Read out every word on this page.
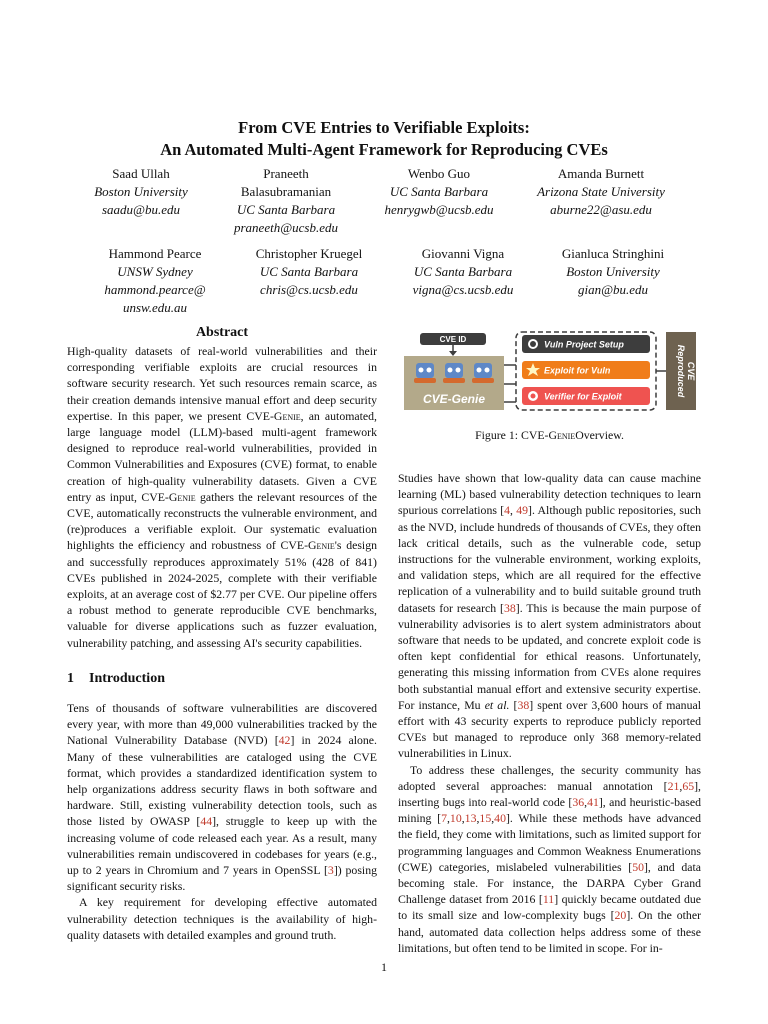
From CVE Entries to Verifiable Exploits:
An Automated Multi-Agent Framework for Reproducing CVEs
Saad Ullah
Boston University
saadu@bu.edu
Praneeth
Balasubramanian
UC Santa Barbara
praneeth@ucsb.edu
Wenbo Guo
UC Santa Barbara
henrygwb@ucsb.edu
Amanda Burnett
Arizona State University
aburne22@asu.edu
Hammond Pearce
UNSW Sydney
hammond.pearce@
unsw.edu.au
Christopher Kruegel
UC Santa Barbara
chris@cs.ucsb.edu
Giovanni Vigna
UC Santa Barbara
vigna@cs.ucsb.edu
Gianluca Stringhini
Boston University
gian@bu.edu
Abstract

High-quality datasets of real-world vulnerabilities and their corresponding verifiable exploits are crucial resources in software security research. Yet such resources remain scarce, as their creation demands intensive manual effort and deep security expertise. In this paper, we present CVE-Genie, an automated, large language model (LLM)-based multi-agent framework designed to reproduce real-world vulnerabilities, provided in Common Vulnerabilities and Exposures (CVE) format, to enable creation of high-quality vulnerability datasets. Given a CVE entry as input, CVE-Genie gathers the relevant resources of the CVE, automatically reconstructs the vulnerable environment, and (re)produces a verifiable exploit. Our systematic evaluation highlights the efficiency and robustness of CVE-Genie's design and successfully reproduces approximately 51% (428 of 841) CVEs published in 2024-2025, complete with their verifiable exploits, at an average cost of $2.77 per CVE. Our pipeline offers a robust method to generate reproducible CVE benchmarks, valuable for diverse applications such as fuzzer evaluation, vulnerability patching, and assessing AI's security capabilities.

1 Introduction

Tens of thousands of software vulnerabilities are discovered every year, with more than 49,000 vulnerabilities tracked by the National Vulnerability Database (NVD) [42] in 2024 alone. Many of these vulnerabilities are cataloged using the CVE format, which provides a standardized identification system to help organizations address security flaws in both software and hardware. Still, existing vulnerability detection tools, such as those listed by OWASP [44], struggle to keep up with the increasing volume of code released each year. As a result, many vulnerabilities remain undiscovered in codebases for years (e.g., up to 2 years in Chromium and 7 years in OpenSSL [3]) posing significant security risks.

A key requirement for developing effective automated vulnerability detection techniques is the availability of high-quality datasets with detailed examples and ground truth.

CVE ID
CVE-Genie
Vuln Project Setup
Exploit for Vuln
Verifier for Exploit	Reproduced CVE
Figure 1: CVE-GenieOverview.

Studies have shown that low-quality data can cause machine learning (ML) based vulnerability detection techniques to learn spurious correlations [4, 49]. Although public repositories, such as the NVD, include hundreds of thousands of CVEs, they often lack critical details, such as the vulnerable code, setup instructions for the vulnerable environment, working exploits, and validation steps, which are all required for the effective replication of a vulnerability and to build suitable ground truth datasets for research [38]. This is because the main purpose of vulnerability advisories is to alert system administrators about software that needs to be updated, and concrete exploit code is often kept confidential for ethical reasons. Unfortunately, generating this missing information from CVEs alone requires both substantial manual effort and extensive security expertise. For instance, Mu et al. [38] spent over 3,600 hours of manual effort with 43 security experts to reproduce publicly reported CVEs but managed to reproduce only 368 memory-related vulnerabilities in Linux.

To address these challenges, the security community has adopted several approaches: manual annotation [21,65], inserting bugs into real-world code [36,41], and heuristic-based mining [7,10,13,15,40]. While these methods have advanced the field, they come with limitations, such as limited support for programming languages and Common Weakness Enumerations (CWE) categories, mislabeled vulnerabilities [50], and data becoming stale. For instance, the DARPA Cyber Grand Challenge dataset from 2016 [11] quickly became outdated due to its small size and low-complexity bugs [20]. On the other hand, automated data collection helps address some of these limitations, but often tend to be limited in scope. For in-

1
